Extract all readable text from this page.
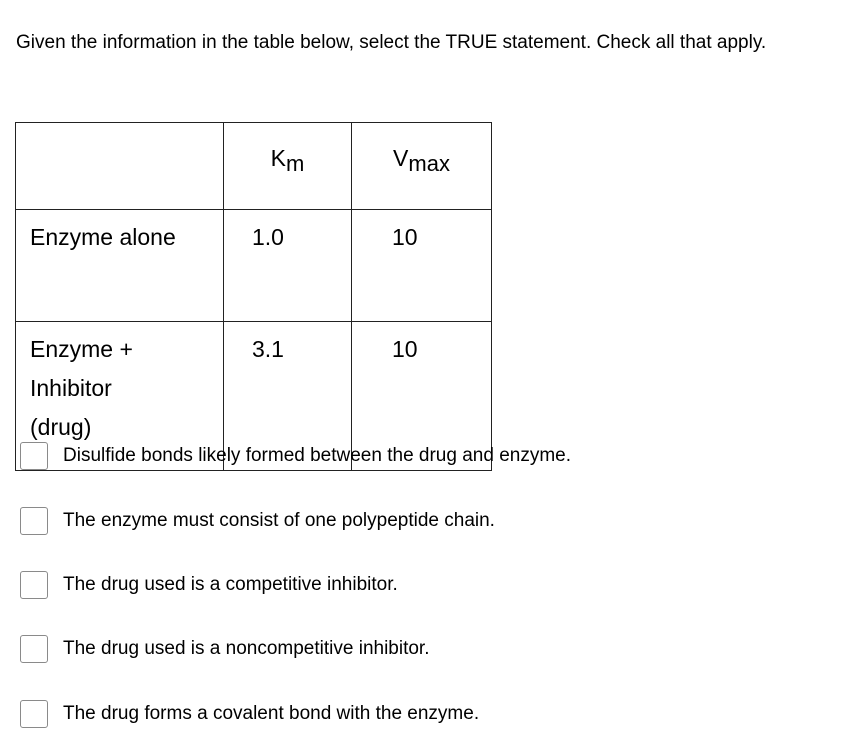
Given the information in the table below, select the TRUE statement. Check all that apply.

	$K_m$	$V_{max}$

Enzyme alone	1.0	10

Enzyme + Inhibitor (drug)	3.1	10
Disulfide bonds likely formed between the drug and enzyme.
The enzyme must consist of one polypeptide chain.
The drug used is a competitive inhibitor.
The drug used is a noncompetitive inhibitor.
The drug forms a covalent bond with the enzyme.
